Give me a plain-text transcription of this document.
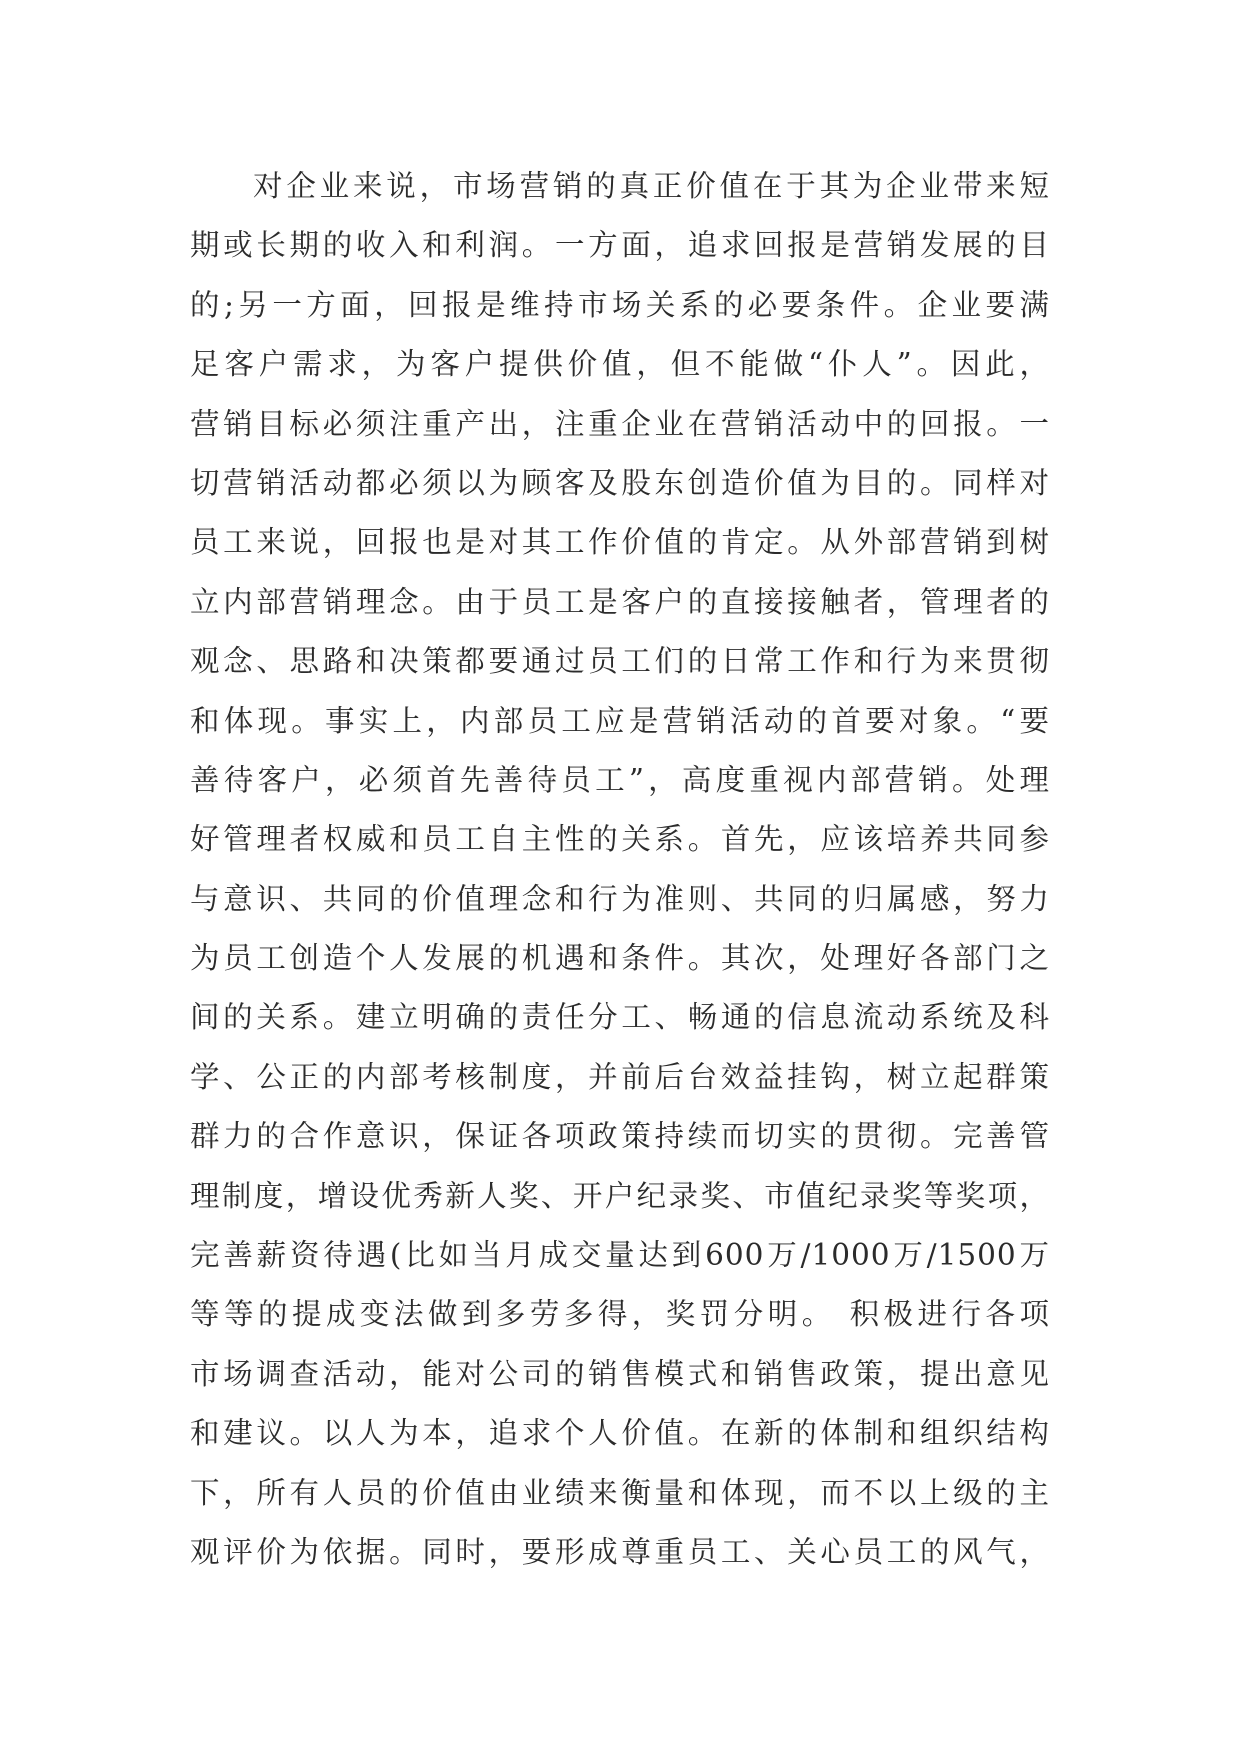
对企业来说，市场营销的真正价值在于其为企业带来短
期或长期的收入和利润。一方面，追求回报是营销发展的目
的;另一方面，回报是维持市场关系的必要条件。企业要满
足客户需求，为客户提供价值，但不能做“仆人”。因此，
营销目标必须注重产出，注重企业在营销活动中的回报。一
切营销活动都必须以为顾客及股东创造价值为目的。同样对
员工来说，回报也是对其工作价值的肯定。从外部营销到树
立内部营销理念。由于员工是客户的直接接触者，管理者的
观念、思路和决策都要通过员工们的日常工作和行为来贯彻
和体现。事实上，内部员工应是营销活动的首要对象。“要
善待客户，必须首先善待员工”，高度重视内部营销。处理
好管理者权威和员工自主性的关系。首先，应该培养共同参
与意识、共同的价值理念和行为准则、共同的归属感，努力
为员工创造个人发展的机遇和条件。其次，处理好各部门之
间的关系。建立明确的责任分工、畅通的信息流动系统及科
学、公正的内部考核制度，并前后台效益挂钩，树立起群策
群力的合作意识，保证各项政策持续而切实的贯彻。完善管
理制度，增设优秀新人奖、开户纪录奖、市值纪录奖等奖项，
完善薪资待遇(比如当月成交量达到600万/1000万/1500万
等等的提成变法做到多劳多得，奖罚分明。 积极进行各项
市场调查活动，能对公司的销售模式和销售政策，提出意见
和建议。以人为本，追求个人价值。在新的体制和组织结构
下，所有人员的价值由业绩来衡量和体现，而不以上级的主
观评价为依据。同时，要形成尊重员工、关心员工的风气，
